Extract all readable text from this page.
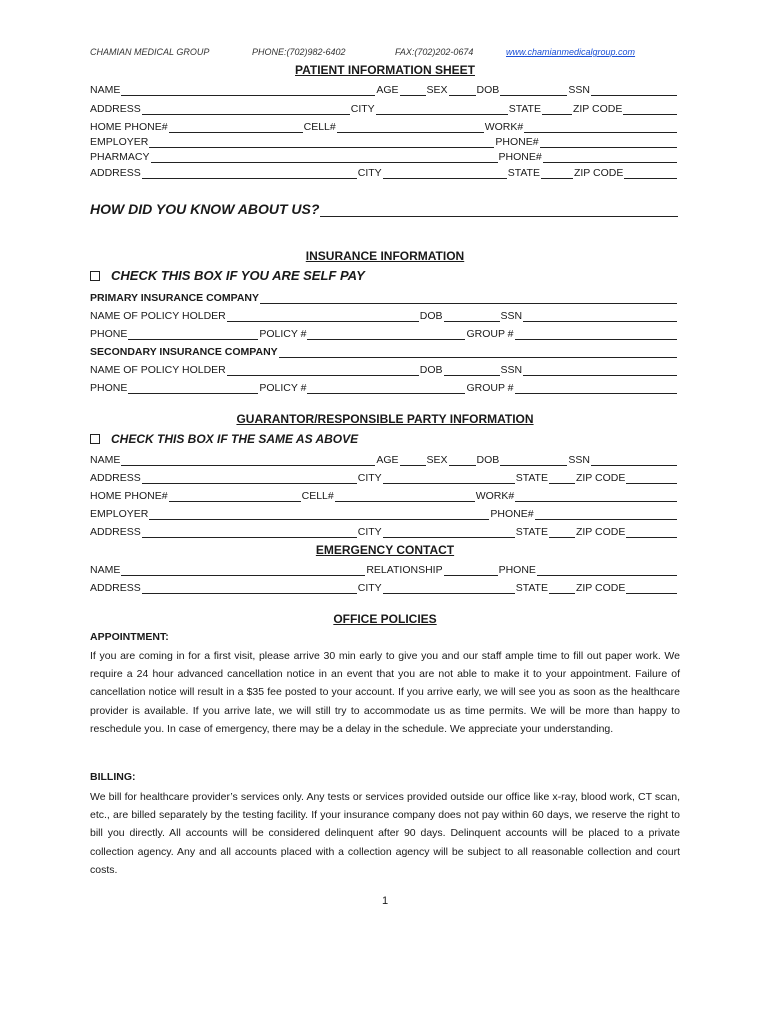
CHAMIAN MEDICAL GROUP	PHONE:(702)982-6402	FAX:(702)202-0674	www.chamianmedicalgroup.com
PATIENT INFORMATION SHEET
NAME	AGE	SEX	DOB	SSN
ADDRESS	CITY	STATE	ZIP CODE
HOME PHONE#	CELL#	WORK#
EMPLOYER	PHONE#
PHARMACY	PHONE#
ADDRESS	CITY	STATE	ZIP CODE
HOW DID YOU KNOW ABOUT US?
INSURANCE INFORMATION
CHECK THIS BOX IF YOU ARE SELF PAY
PRIMARY INSURANCE COMPANY
NAME OF POLICY HOLDER	DOB	SSN
PHONE	POLICY #	GROUP #
SECONDARY INSURANCE COMPANY
NAME OF POLICY HOLDER	DOB	SSN
PHONE	POLICY #	GROUP #
GUARANTOR/RESPONSIBLE PARTY INFORMATION
CHECK THIS BOX IF THE SAME AS ABOVE
NAME	AGE	SEX	DOB	SSN
ADDRESS	CITY	STATE	ZIP CODE
HOME PHONE#	CELL#	WORK#
EMPLOYER	PHONE#
ADDRESS	CITY	STATE	ZIP CODE
EMERGENCY CONTACT
NAME	RELATIONSHIP	PHONE
ADDRESS	CITY	STATE	ZIP CODE
OFFICE POLICIES
APPOINTMENT:
If you are coming in for a first visit, please arrive 30 min early to give you and our staff ample time to fill out paper work. We require a 24 hour advanced cancellation notice in an event that you are not able to make it to your appointment. Failure of cancellation notice will result in a $35 fee posted to your account. If you arrive early, we will see you as soon as the healthcare provider is available. If you arrive late, we will still try to accommodate us as time permits. We will be more than happy to reschedule you. In case of emergency, there may be a delay in the schedule. We appreciate your understanding.
BILLING:
We bill for healthcare provider’s services only. Any tests or services provided outside our office like x-ray, blood work, CT scan, etc., are billed separately by the testing facility. If your insurance company does not pay within 60 days, we reserve the right to bill you directly. All accounts will be considered delinquent after 90 days. Delinquent accounts will be placed to a private collection agency. Any and all accounts placed with a collection agency will be subject to all reasonable collection and court costs.
1
